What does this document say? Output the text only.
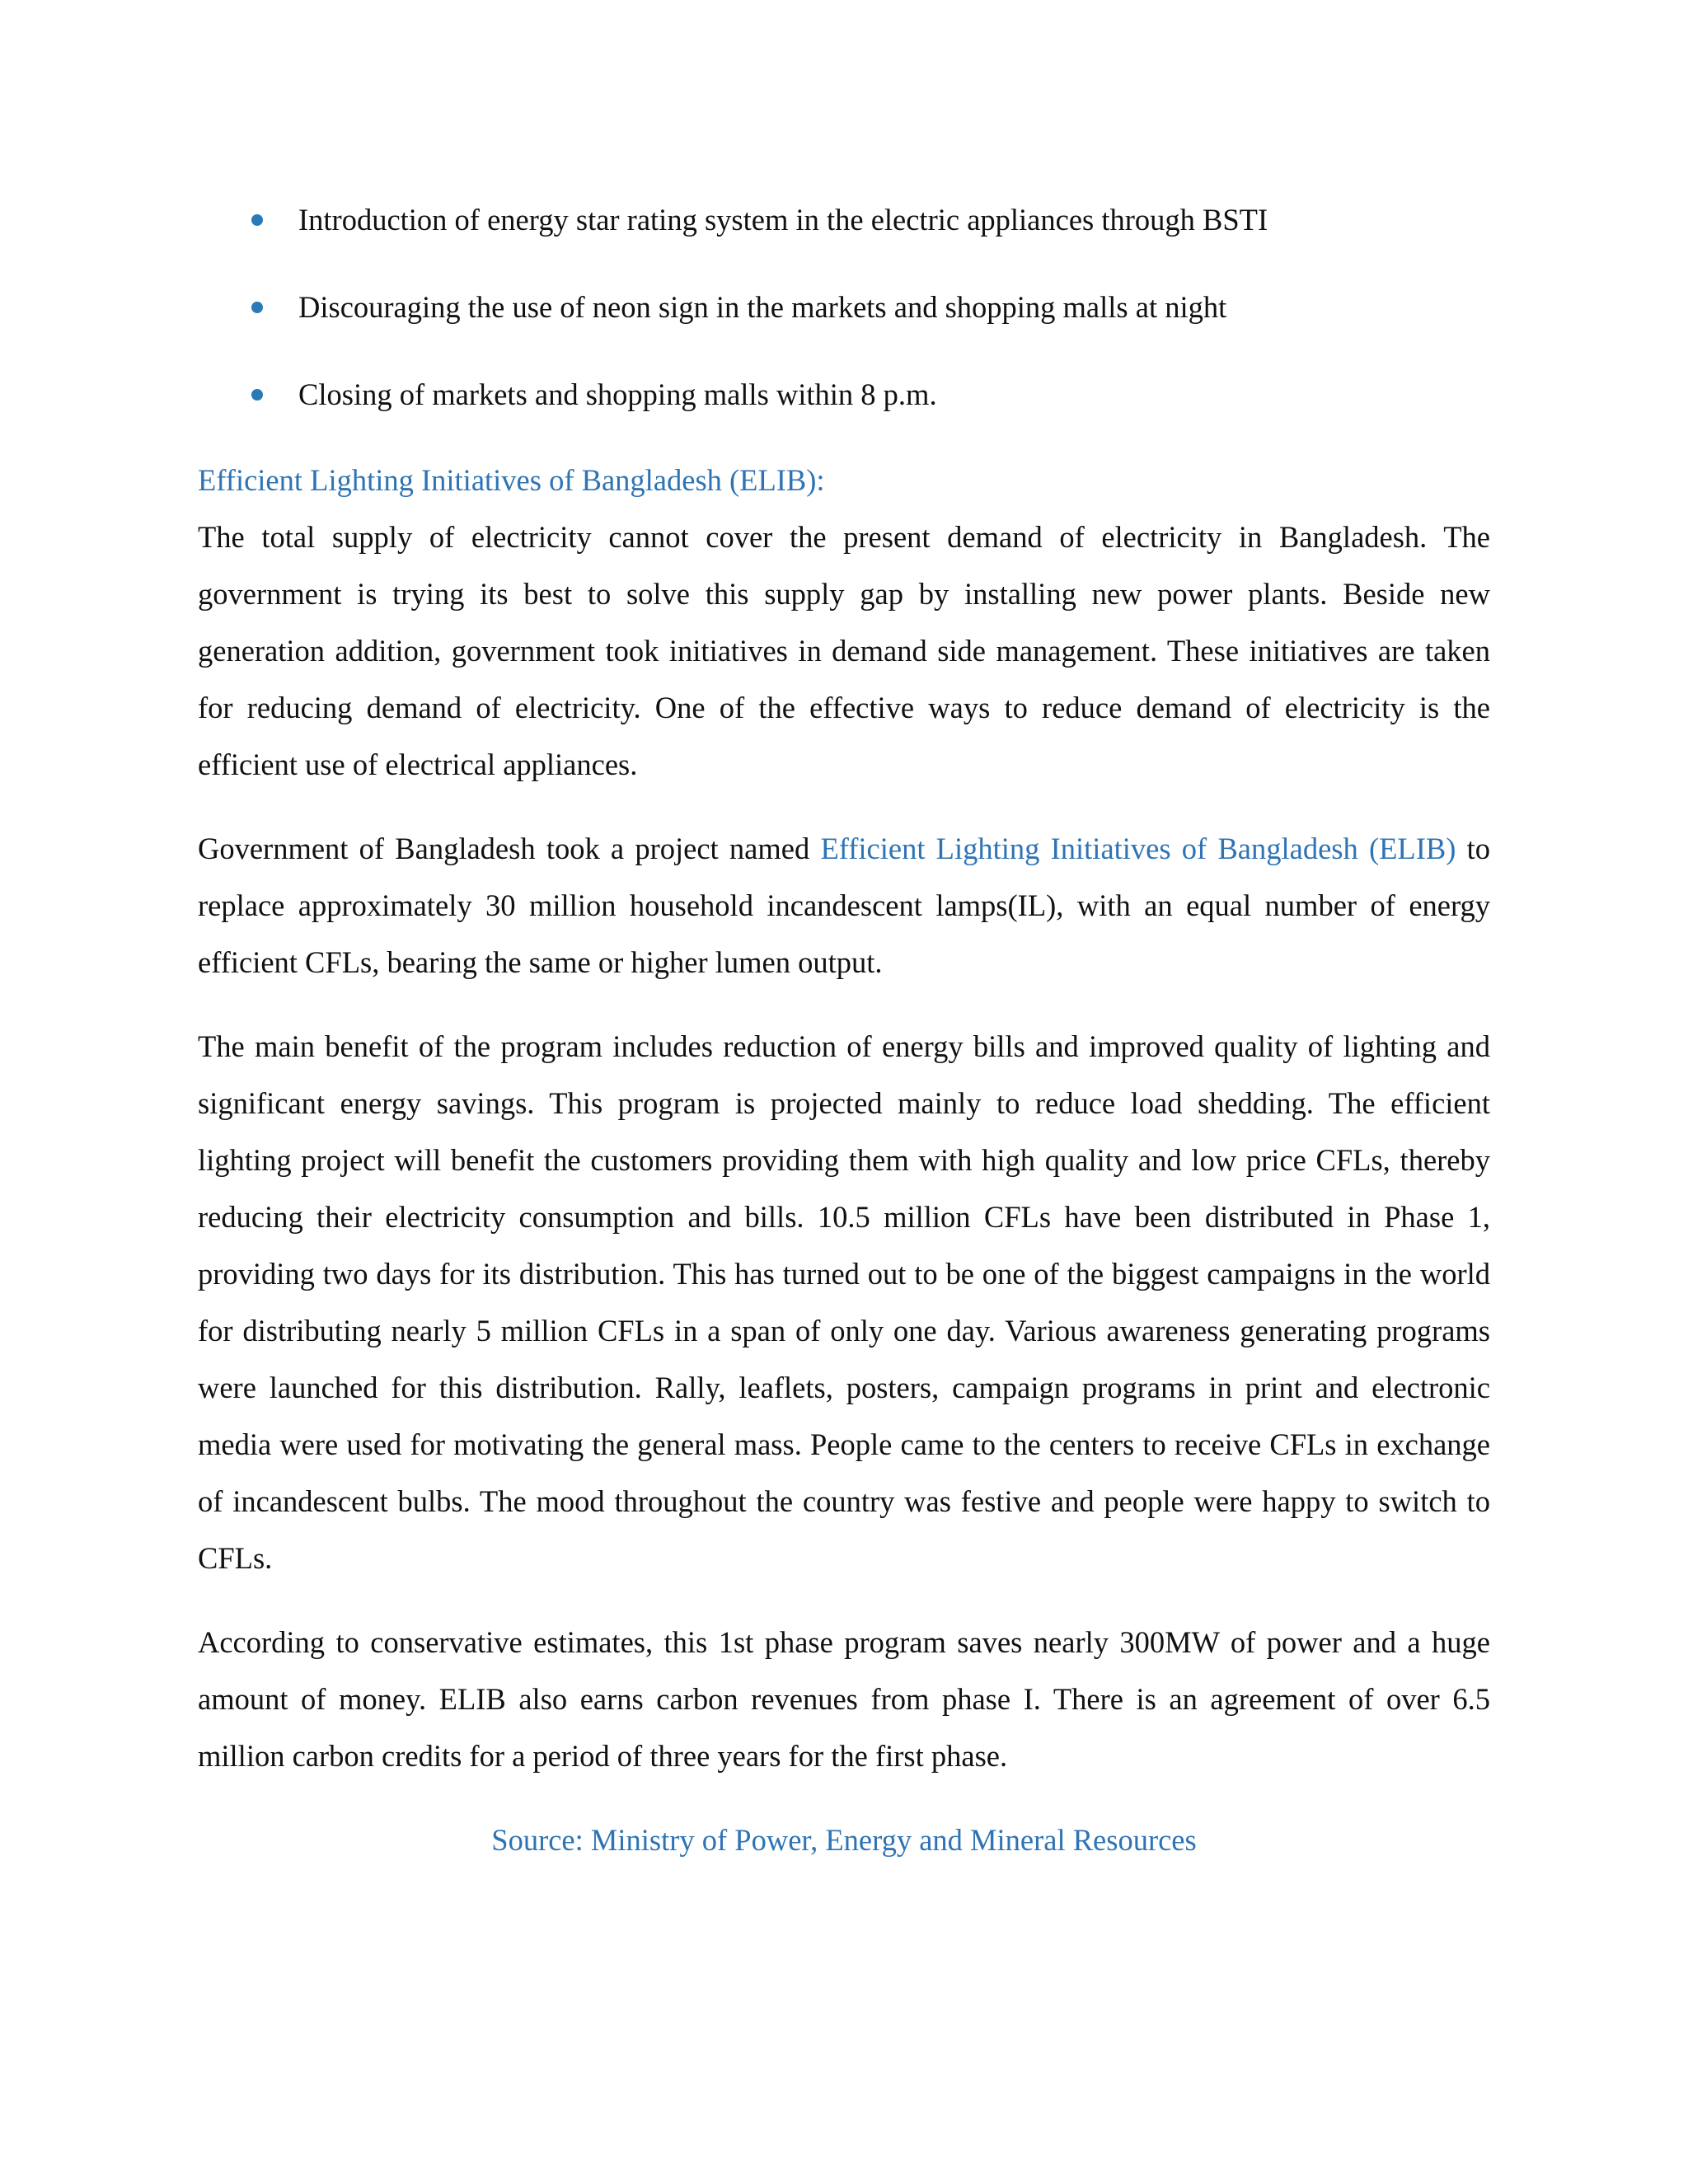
Introduction of energy star rating system in the electric appliances through BSTI
Discouraging the use of neon sign in the markets and shopping malls at night
Closing of markets and shopping malls within 8 p.m.
Efficient Lighting Initiatives of Bangladesh (ELIB):

The total supply of electricity cannot cover the present demand of electricity in Bangladesh. The government is trying its best to solve this supply gap by installing new power plants. Beside new generation addition, government took initiatives in demand side management. These initiatives are taken for reducing demand of electricity. One of the effective ways to reduce demand of electricity is the efficient use of electrical appliances.

Government of Bangladesh took a project named Efficient Lighting Initiatives of Bangladesh (ELIB) to replace approximately 30 million household incandescent lamps(IL), with an equal number of energy efficient CFLs, bearing the same or higher lumen output.

The main benefit of the program includes reduction of energy bills and improved quality of lighting and significant energy savings. This program is projected mainly to reduce load shedding. The efficient lighting project will benefit the customers providing them with high quality and low price CFLs, thereby reducing their electricity consumption and bills. 10.5 million CFLs have been distributed in Phase 1, providing two days for its distribution. This has turned out to be one of the biggest campaigns in the world for distributing nearly 5 million CFLs in a span of only one day. Various awareness generating programs were launched for this distribution. Rally, leaflets, posters, campaign programs in print and electronic media were used for motivating the general mass. People came to the centers to receive CFLs in exchange of incandescent bulbs. The mood throughout the country was festive and people were happy to switch to CFLs.

According to conservative estimates, this 1st phase program saves nearly 300MW of power and a huge amount of money. ELIB also earns carbon revenues from phase I. There is an agreement of over 6.5 million carbon credits for a period of three years for the first phase.

Source: Ministry of Power, Energy and Mineral Resources
